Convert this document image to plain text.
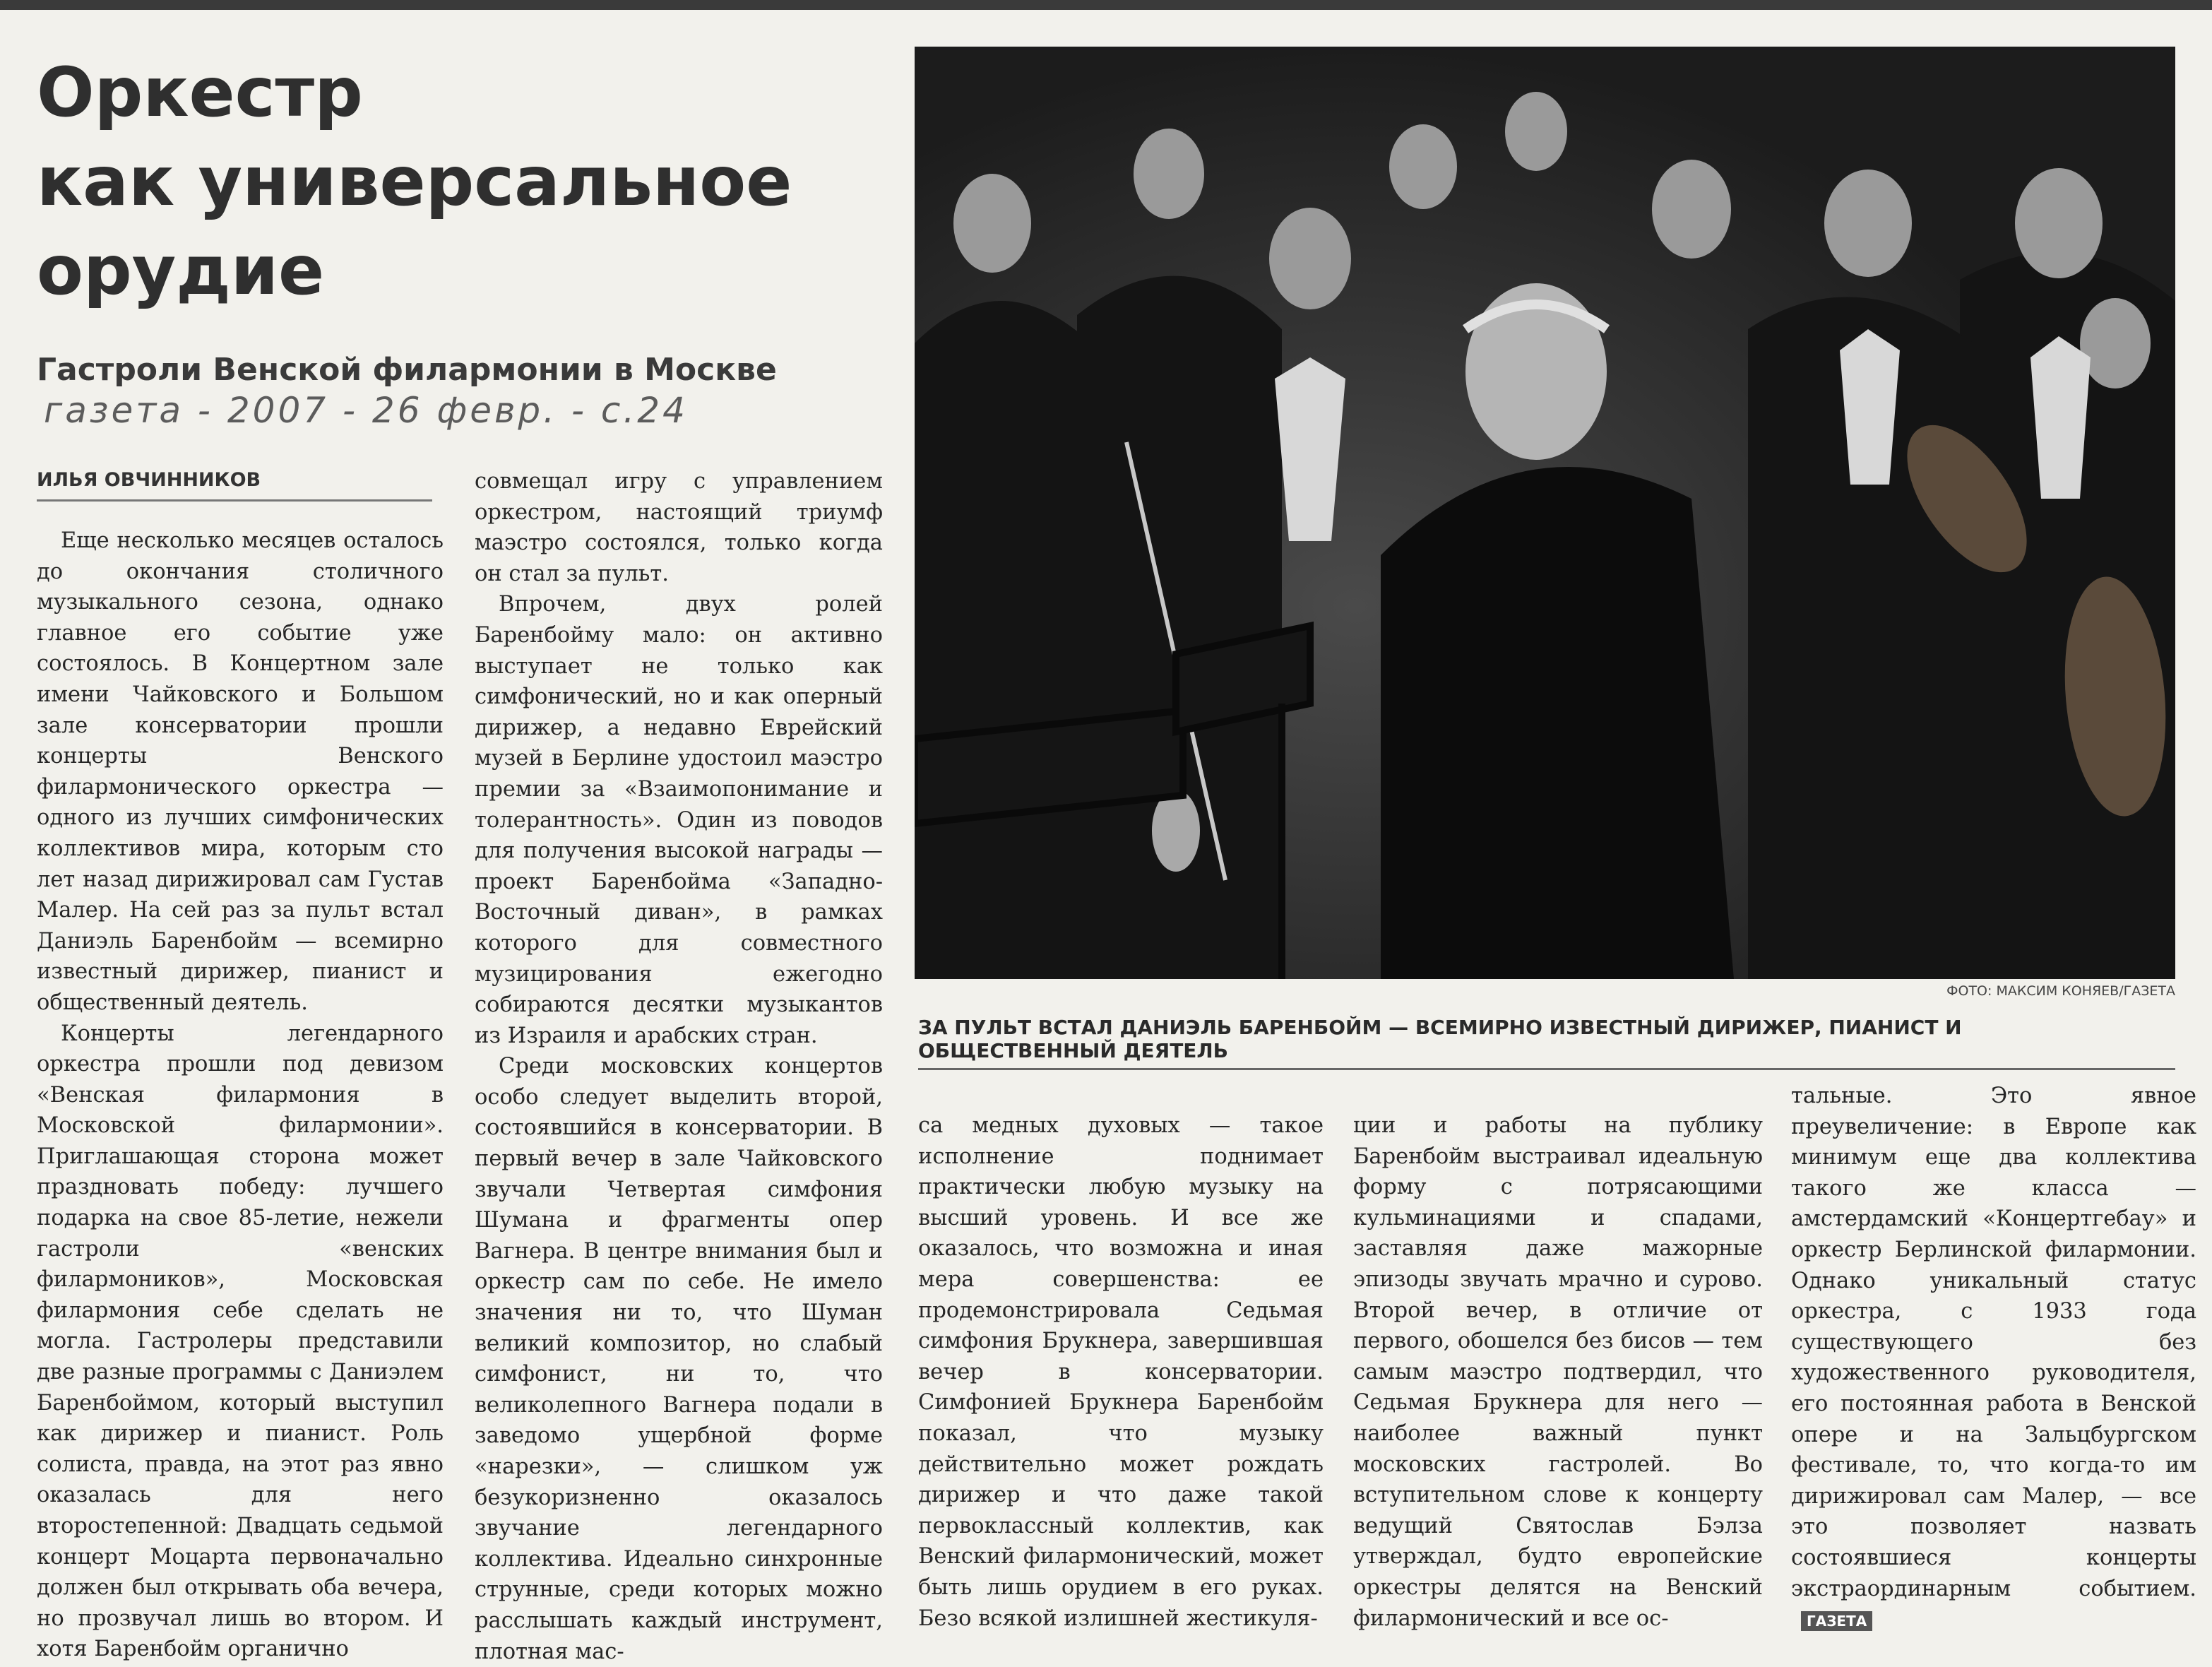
Оркестр
как универсальное
орудие
Гастроли Венской филармонии в Москве
газета - 2007 - 26 февр. - с.24
ИЛЬЯ ОВЧИННИКОВ

Еще несколько месяцев осталось до окончания столичного музыкального сезона, однако главное его событие уже состоялось. В Концертном зале имени Чайковского и Большом зале консерватории прошли концерты Венского филармонического оркестра — одного из лучших симфонических коллективов мира, которым сто лет назад дирижировал сам Густав Малер. На сей раз за пульт встал Даниэль Баренбойм — всемирно известный дирижер, пианист и общественный деятель.

Концерты легендарного оркестра прошли под девизом «Венская филармония в Московской филармонии». Приглашающая сторона может праздновать победу: лучшего подарка на свое 85-летие, нежели гастроли «венских филармоников», Московская филармония себе сделать не могла. Гастролеры представили две разные программы с Даниэлем Баренбоймом, который выступил как дирижер и пианист. Роль солиста, правда, на этот раз явно оказалась для него второстепенной: Двадцать седьмой концерт Моцарта первоначально должен был открывать оба вечера, но прозвучал лишь во втором. И хотя Баренбойм органично

совмещал игру с управлением оркестром, настоящий триумф маэстро состоялся, только когда он стал за пульт.

Впрочем, двух ролей Баренбойму мало: он активно выступает не только как симфонический, но и как оперный дирижер, а недавно Еврейский музей в Берлине удостоил маэстро премии за «Взаимопонимание и толерантность». Один из поводов для получения высокой награды — проект Баренбойма «Западно-Восточный диван», в рамках которого для совместного музицирования ежегодно собираются десятки музыкантов из Израиля и арабских стран.

Среди московских концертов особо следует выделить второй, состоявшийся в консерватории. В первый вечер в зале Чайковского звучали Четвертая симфония Шумана и фрагменты опер Вагнера. В центре внимания был и оркестр сам по себе. Не имело значения ни то, что Шуман великий композитор, но слабый симфонист, ни то, что великолепного Вагнера подали в заведомо ущербной форме «нарезки», — слишком уж безукоризненно оказалось звучание легендарного коллектива. Идеально синхронные струнные, среди которых можно расслышать каждый инструмент, плотная мас-

ФОТО: МАКСИМ КОНЯЕВ/ГАЗЕТА
ЗА ПУЛЬТ ВСТАЛ ДАНИЭЛЬ БАРЕНБОЙМ — ВСЕМИРНО ИЗВЕСТНЫЙ ДИРИЖЕР, ПИАНИСТ И ОБЩЕСТВЕННЫЙ ДЕЯТЕЛЬ

са медных духовых — такое исполнение поднимает практически любую музыку на высший уровень. И все же оказалось, что возможна и иная мера совершенства: ее продемонстрировала Седьмая симфония Брукнера, завершившая вечер в консерватории. Симфонией Брукнера Баренбойм показал, что музыку действительно может рождать дирижер и что даже такой первоклассный коллектив, как Венский филармонический, может быть лишь орудием в его руках. Безо всякой излишней жестикуля-

ции и работы на публику Баренбойм выстраивал идеальную форму с потрясающими кульминациями и спадами, заставляя даже мажорные эпизоды звучать мрачно и сурово. Второй вечер, в отличие от первого, обошелся без бисов — тем самым маэстро подтвердил, что Седьмая Брукнера для него — наиболее важный пункт московских гастролей. Во вступительном слове к концерту ведущий Святослав Бэлза утверждал, будто европейские оркестры делятся на Венский филармонический и все ос-

тальные. Это явное преувеличение: в Европе как минимум еще два коллектива такого же класса — амстердамский «Концертгебау» и оркестр Берлинской филармонии. Однако уникальный статус оркестра, с 1933 года существующего без художественного руководителя, его постоянная работа в Венской опере и на Зальцбургском фестивале, то, что когда-то им дирижировал сам Малер, — все это позволяет назвать состоявшиеся концерты экстраординарным событием.ГАЗЕТА
